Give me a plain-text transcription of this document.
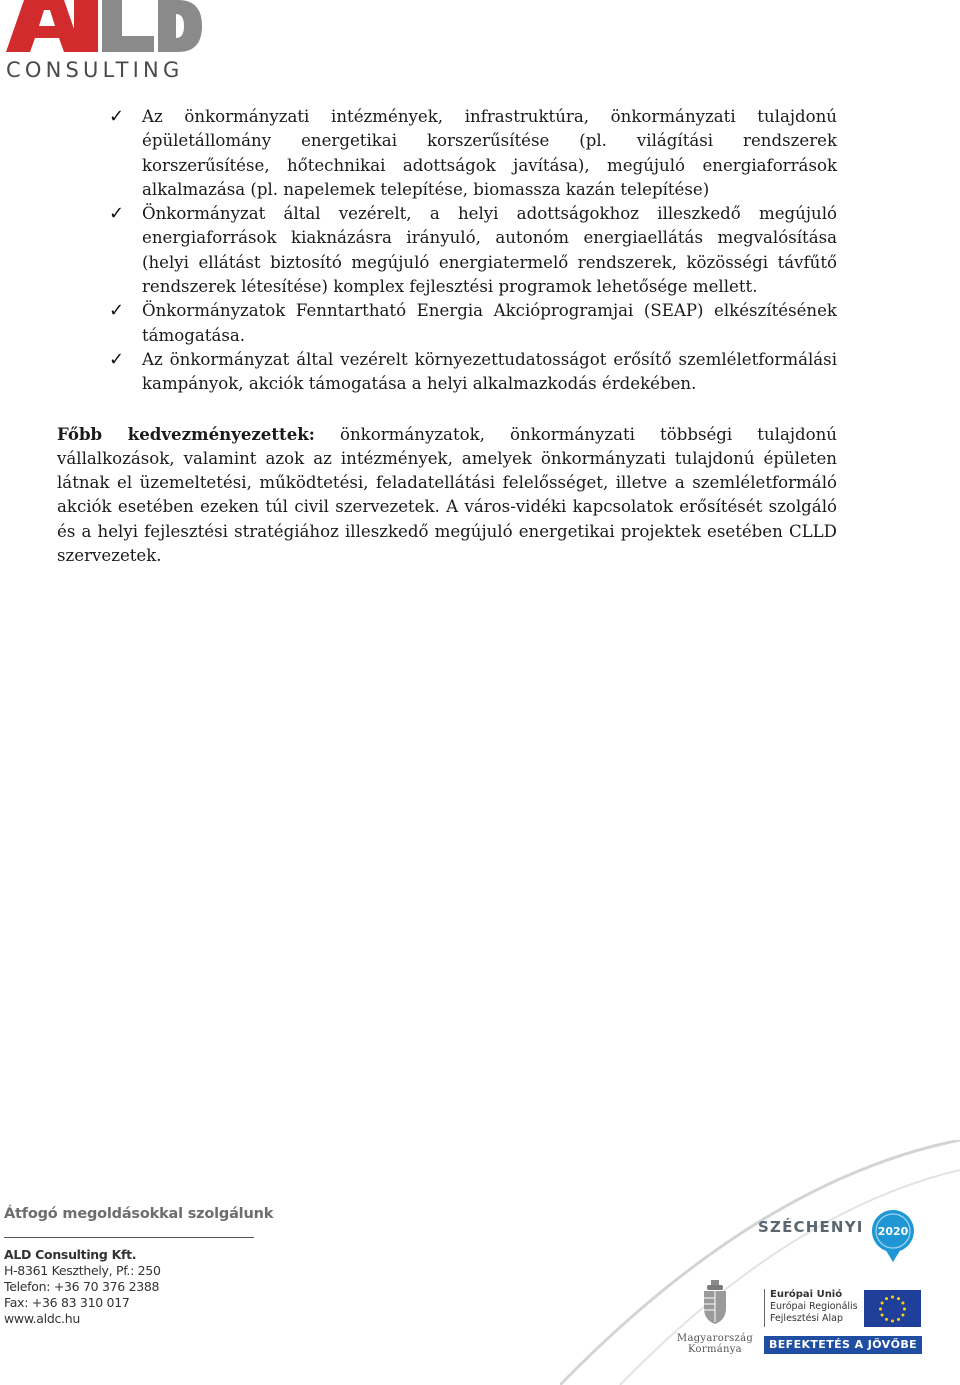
CONSULTING
✓ Az önkormányzati intézmények, infrastruktúra, önkormányzati tulajdonú épületállomány energetikai korszerűsítése (pl. világítási rendszerek korszerűsítése, hőtechnikai adottságok javítása), megújuló energiaforrások alkalmazása (pl. napelemek telepítése, biomassza kazán telepítése)
✓ Önkormányzat által vezérelt, a helyi adottságokhoz illeszkedő megújuló energiaforrások kiaknázásra irányuló, autonóm energiaellátás megvalósítása (helyi ellátást biztosító megújuló energiatermelő rendszerek, közösségi távfűtő rendszerek létesítése) komplex fejlesztési programok lehetősége mellett.
✓ Önkormányzatok Fenntartható Energia Akcióprogramjai (SEAP) elkészítésének támogatása.
✓ Az önkormányzat által vezérelt környezettudatosságot erősítő szemléletformálási kampányok, akciók támogatása a helyi alkalmazkodás érdekében.

Főbb kedvezményezettek: önkormányzatok, önkormányzati többségi tulajdonú vállalkozások, valamint azok az intézmények, amelyek önkormányzati tulajdonú épületen látnak el üzemeltetési, működtetési, feladatellátási felelősséget, illetve a szemléletformáló akciók esetében ezeken túl civil szervezetek. A város-vidéki kapcsolatok erősítését szolgáló és a helyi fejlesztési stratégiához illeszkedő megújuló energetikai projektek esetében CLLD szervezetek.

Átfogó megoldásokkal szolgálunk
ALD Consulting Kft.
H-8361 Keszthely, Pf.: 250
Telefon: +36 70 376 2388
Fax: +36 83 310 017
www.aldc.hu
SZÉCHENYI 2020
Magyarország
Kormánya
Európai Unió
Európai Regionális
Fejlesztési Alap
BEFEKTETÉS A JÖVŐBE
